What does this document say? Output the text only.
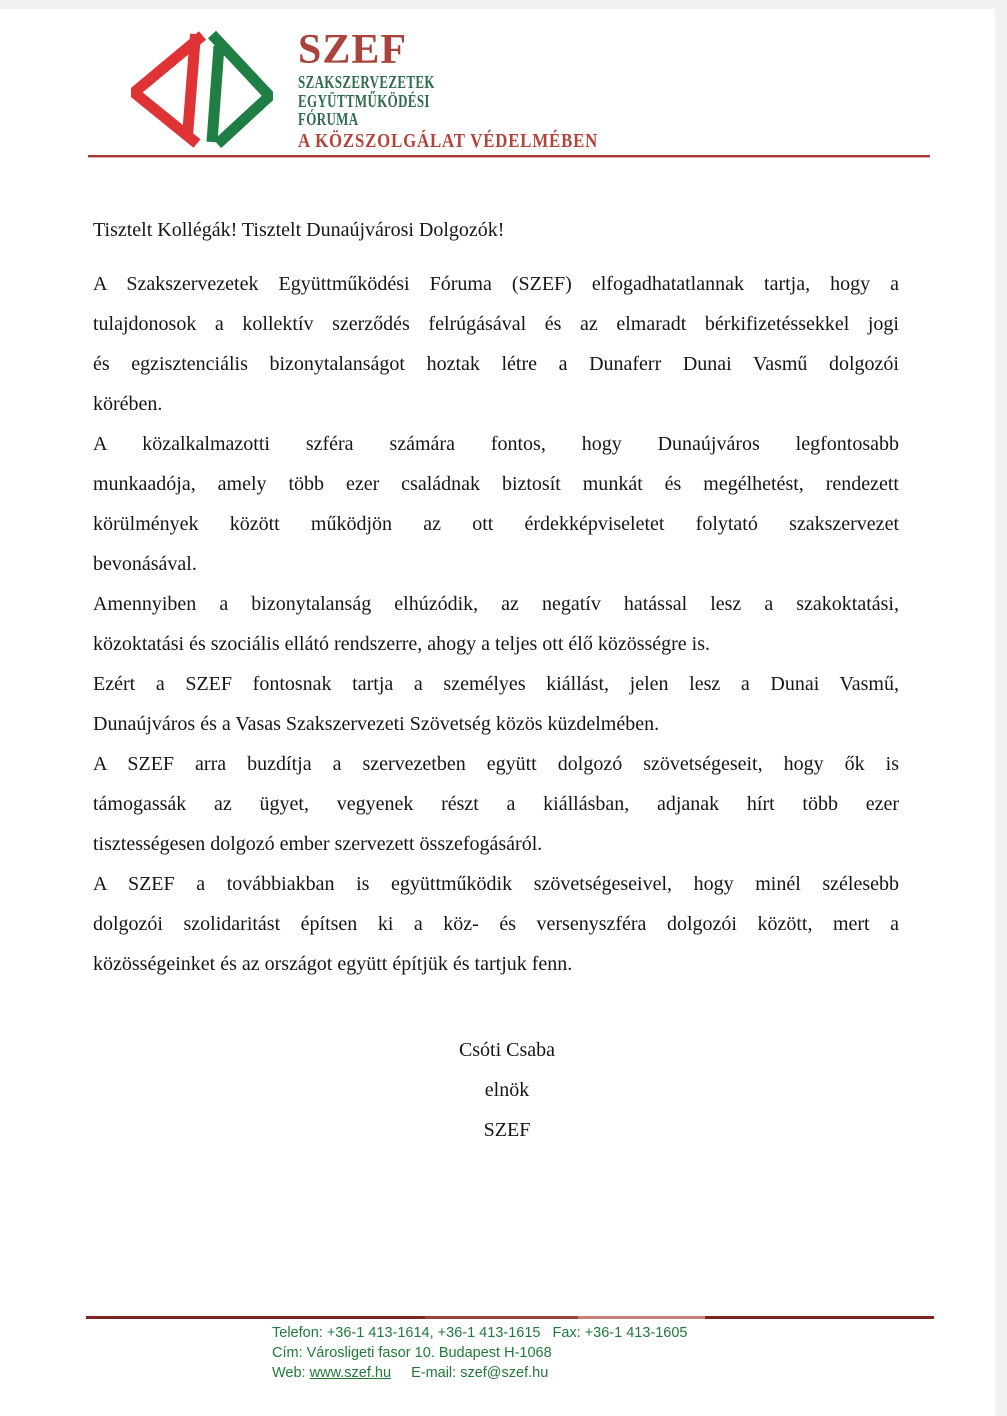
SZEF
SZAKSZERVEZETEK
EGYÜTTMŰKÖDÉSI
FÓRUMA
A KÖZSZOLGÁLAT VÉDELMÉBEN
Tisztelt Kollégák! Tisztelt Dunaújvárosi Dolgozók!
A Szakszervezetek Együttműködési Fóruma (SZEF) elfogadhatatlannak tartja, hogy a
tulajdonosok a kollektív szerződés felrúgásával és az elmaradt bérkifizetéssekkel jogi
és egzisztenciális bizonytalanságot hoztak létre a Dunaferr Dunai Vasmű dolgozói
körében.
A közalkalmazotti szféra számára fontos, hogy Dunaújváros legfontosabb
munkaadója, amely több ezer családnak biztosít munkát és megélhetést, rendezett
körülmények között működjön az ott érdekképviseletet folytató szakszervezet
bevonásával.
Amennyiben a bizonytalanság elhúzódik, az negatív hatással lesz a szakoktatási,
közoktatási és szociális ellátó rendszerre, ahogy a teljes ott élő közösségre is.
Ezért a SZEF fontosnak tartja a személyes kiállást, jelen lesz a Dunai Vasmű,
Dunaújváros és a Vasas Szakszervezeti Szövetség közös küzdelmében.
A SZEF arra buzdítja a szervezetben együtt dolgozó szövetségeseit, hogy ők is
támogassák az ügyet, vegyenek részt a kiállásban, adjanak hírt több ezer
tisztességesen dolgozó ember szervezett összefogásáról.
A SZEF a továbbiakban is együttműködik szövetségeseivel, hogy minél szélesebb
dolgozói szolidaritást építsen ki a köz- és versenyszféra dolgozói között, mert a
közösségeinket és az országot együtt építjük és tartjuk fenn.
Csóti Csaba
elnök
SZEF
Telefon: +36-1 413-1614, +36-1 413-1615 Fax: +36-1 413-1605
Cím: Városligeti fasor 10. Budapest H-1068
Web: www.szef.hu E-mail: szef@szef.hu
